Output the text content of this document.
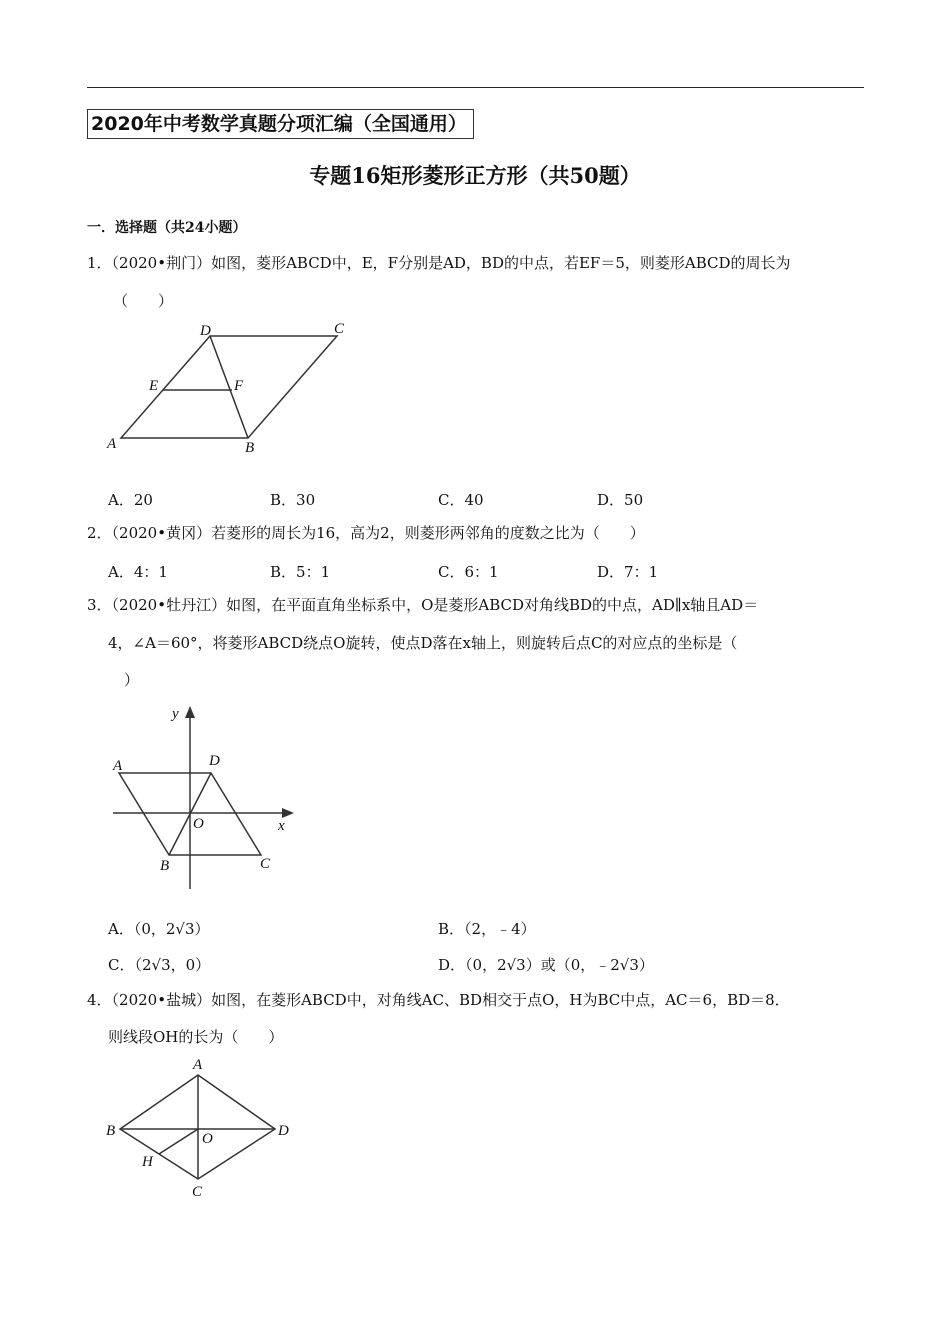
2020年中考数学真题分项汇编（全国通用）
专题16矩形菱形正方形（共50题）
一．选择题（共24小题）
1．（2020•荆门）如图，菱形ABCD中，E，F分别是AD，BD的中点，若EF＝5，则菱形ABCD的周长为
（　　）
D	C
E	F
A	B
A．20	B．30	C．40	D．50
2．（2020•黄冈）若菱形的周长为16，高为2，则菱形两邻角的度数之比为（　　）
A．4：1	B．5：1	C．6：1	D．7：1
3．（2020•牡丹江）如图，在平面直角坐标系中，O是菱形ABCD对角线BD的中点，AD∥x轴且AD＝
4，∠A＝60°，将菱形ABCD绕点O旋转，使点D落在x轴上，则旋转后点C的对应点的坐标是（
）
y
A	D
O	x
B	C
A．（0，2√3）	B．（2，﹣4）
C．（2√3，0）	D．（0，2√3）或（0，﹣2√3）
4．（2020•盐城）如图，在菱形ABCD中，对角线AC、BD相交于点O，H为BC中点，AC＝6，BD＝8．
则线段OH的长为（　　）
A
B	O	D
H
C
